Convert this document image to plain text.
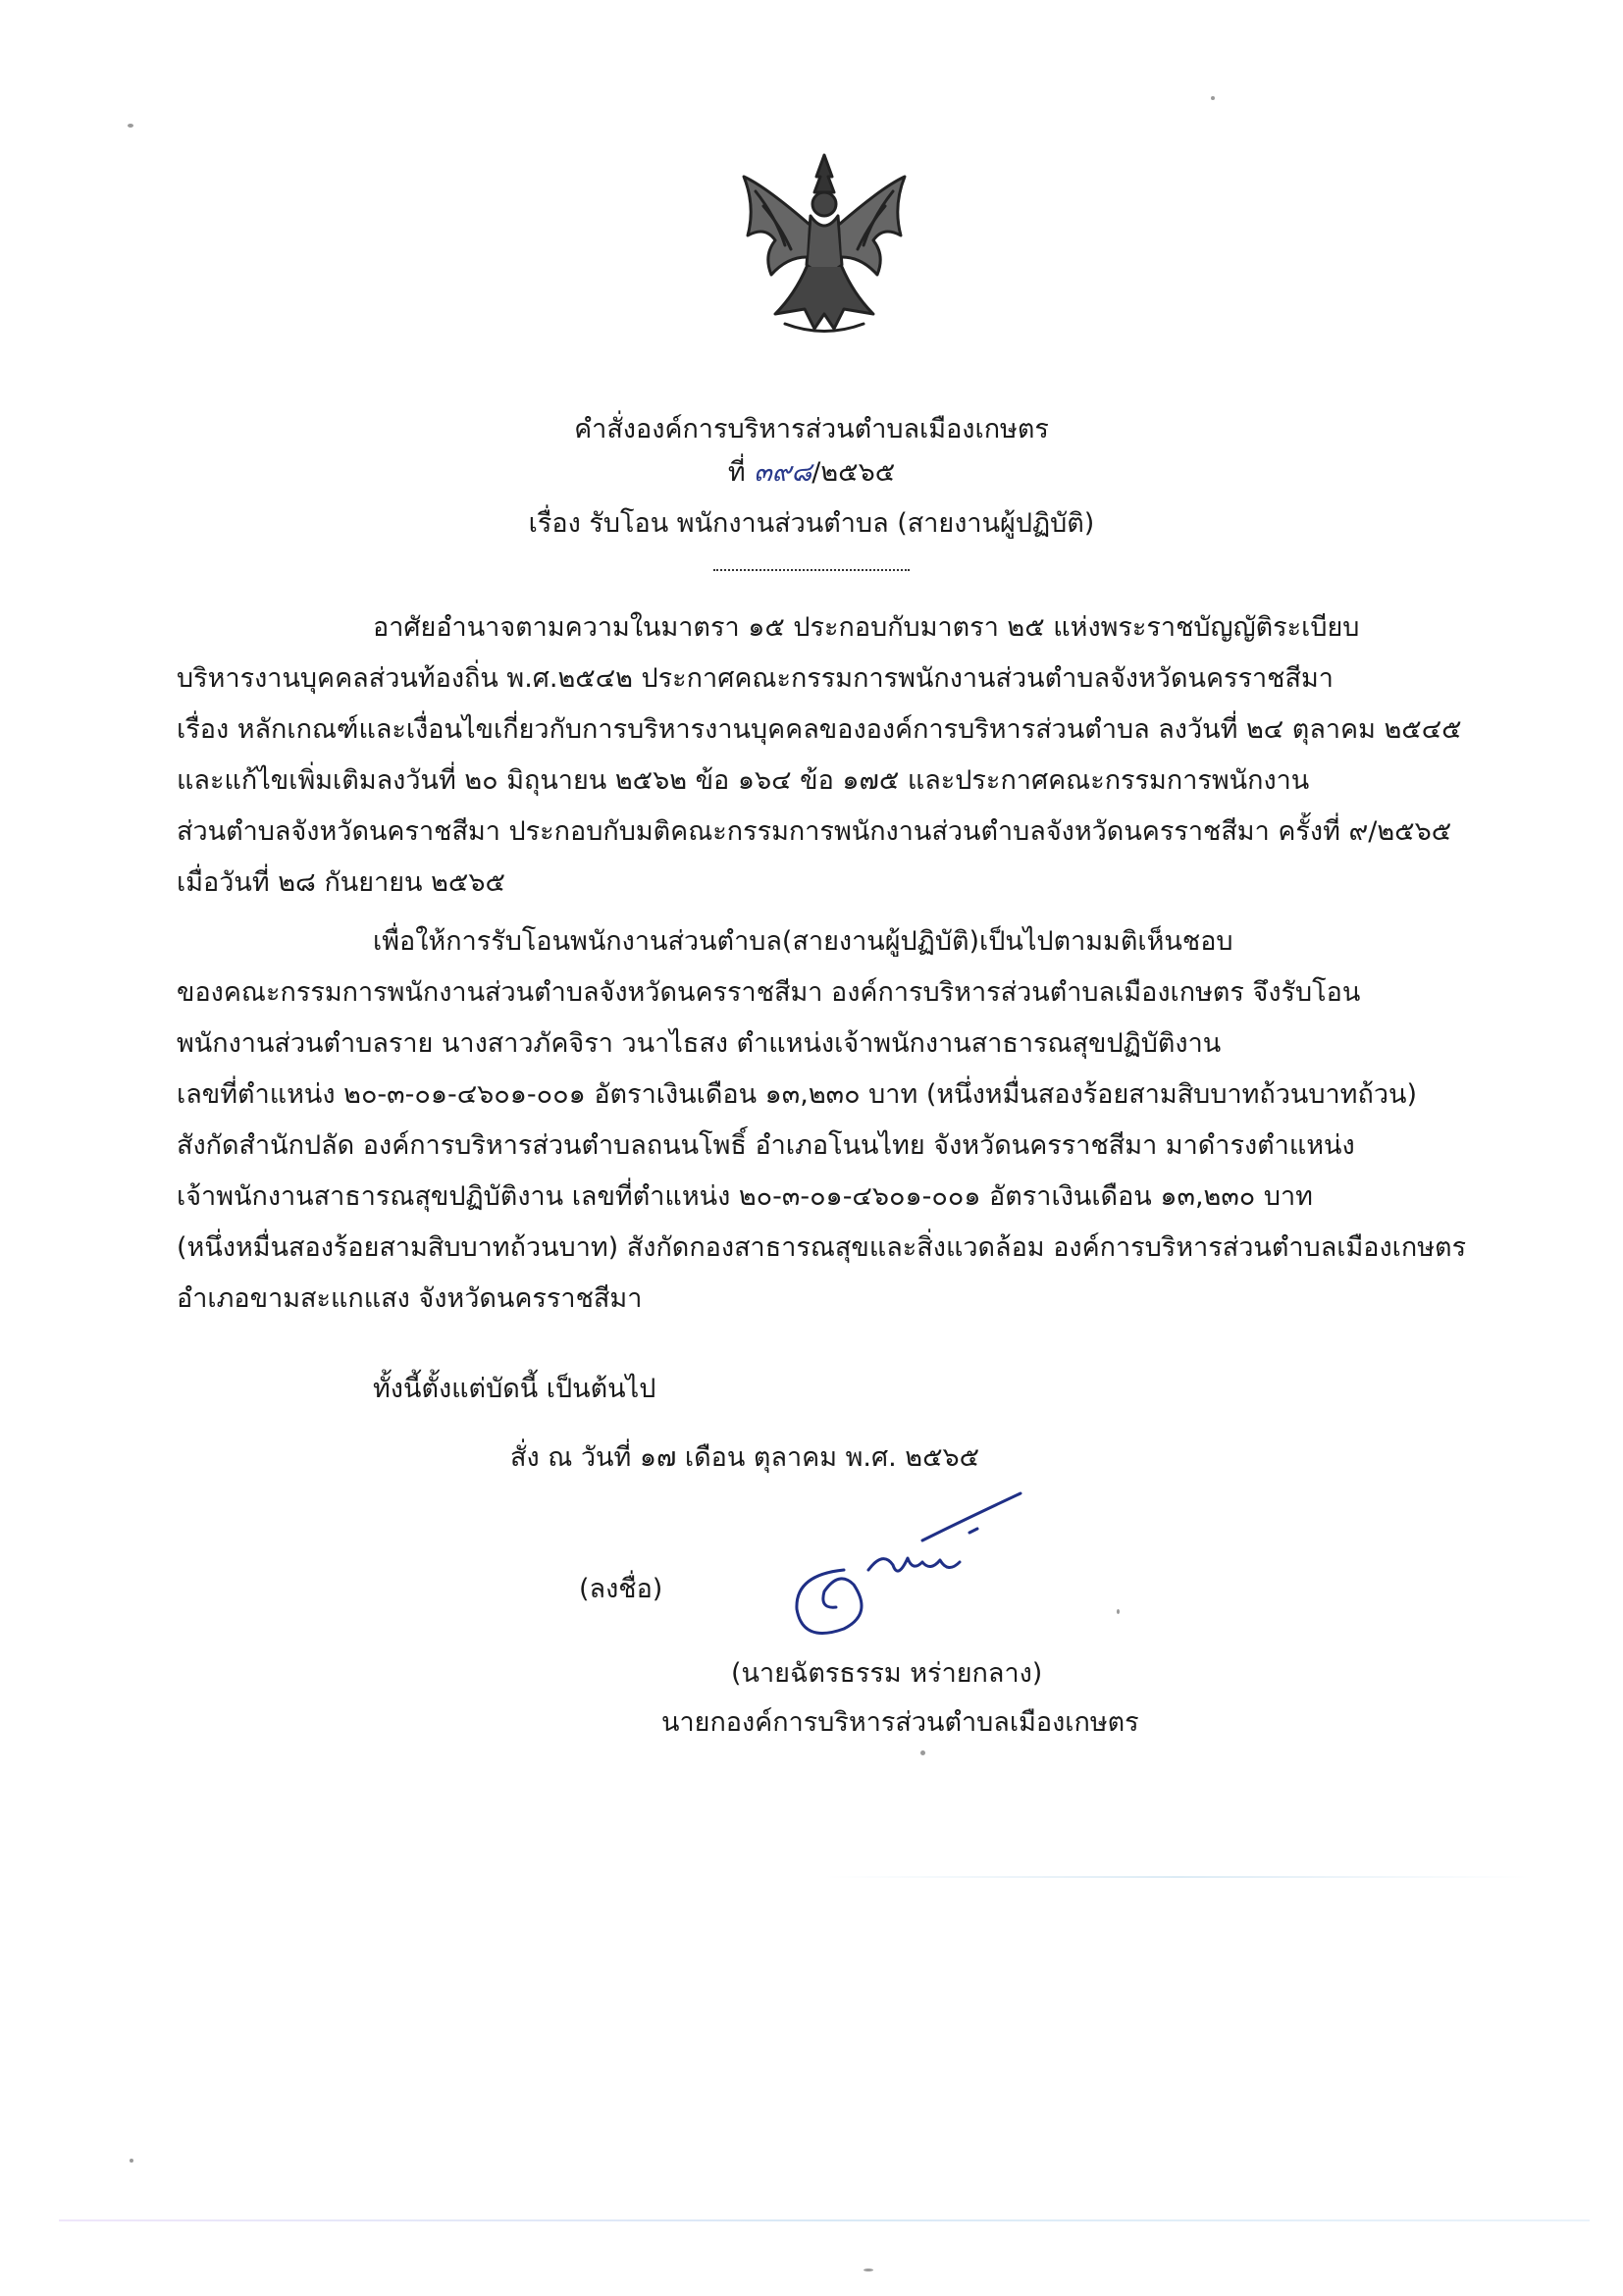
คำสั่งองค์การบริหารส่วนตำบลเมืองเกษตร
ที่ ๓๙๘/๒๕๖๕
เรื่อง รับโอน พนักงานส่วนตำบล (สายงานผู้ปฏิบัติ)
อาศัยอำนาจตามความในมาตรา ๑๕ ประกอบกับมาตรา ๒๕ แห่งพระราชบัญญัติระเบียบ
บริหารงานบุคคลส่วนท้องถิ่น พ.ศ.๒๕๔๒ ประกาศคณะกรรมการพนักงานส่วนตำบลจังหวัดนครราชสีมา
เรื่อง หลักเกณฑ์และเงื่อนไขเกี่ยวกับการบริหารงานบุคคลขององค์การบริหารส่วนตำบล ลงวันที่ ๒๔ ตุลาคม ๒๕๔๕
และแก้ไขเพิ่มเติมลงวันที่ ๒๐ มิถุนายน ๒๕๖๒ ข้อ ๑๖๔ ข้อ ๑๗๕ และประกาศคณะกรรมการพนักงาน
ส่วนตำบลจังหวัดนคราชสีมา ประกอบกับมติคณะกรรมการพนักงานส่วนตำบลจังหวัดนครราชสีมา ครั้งที่ ๙/๒๕๖๕
เมื่อวันที่ ๒๘ กันยายน ๒๕๖๕
เพื่อให้การรับโอนพนักงานส่วนตำบล(สายงานผู้ปฏิบัติ)เป็นไปตามมติเห็นชอบ
ของคณะกรรมการพนักงานส่วนตำบลจังหวัดนครราชสีมา องค์การบริหารส่วนตำบลเมืองเกษตร จึงรับโอน
พนักงานส่วนตำบลราย นางสาวภัคจิรา วนาไธสง ตำแหน่งเจ้าพนักงานสาธารณสุขปฏิบัติงาน
เลขที่ตำแหน่ง ๒๐-๓-๐๑-๔๖๐๑-๐๐๑ อัตราเงินเดือน ๑๓,๒๓๐ บาท (หนึ่งหมื่นสองร้อยสามสิบบาทถ้วนบาทถ้วน)
สังกัดสำนักปลัด องค์การบริหารส่วนตำบลถนนโพธิ์ อำเภอโนนไทย จังหวัดนครราชสีมา มาดำรงตำแหน่ง
เจ้าพนักงานสาธารณสุขปฏิบัติงาน เลขที่ตำแหน่ง ๒๐-๓-๐๑-๔๖๐๑-๐๐๑ อัตราเงินเดือน ๑๓,๒๓๐ บาท
(หนึ่งหมื่นสองร้อยสามสิบบาทถ้วนบาท) สังกัดกองสาธารณสุขและสิ่งแวดล้อม องค์การบริหารส่วนตำบลเมืองเกษตร
อำเภอขามสะแกแสง จังหวัดนครราชสีมา
ทั้งนี้ตั้งแต่บัดนี้ เป็นต้นไป
สั่ง ณ วันที่ ๑๗ เดือน ตุลาคม พ.ศ. ๒๕๖๕
(ลงชื่อ)
(นายฉัตรธรรม หร่ายกลาง)
นายกองค์การบริหารส่วนตำบลเมืองเกษตร
